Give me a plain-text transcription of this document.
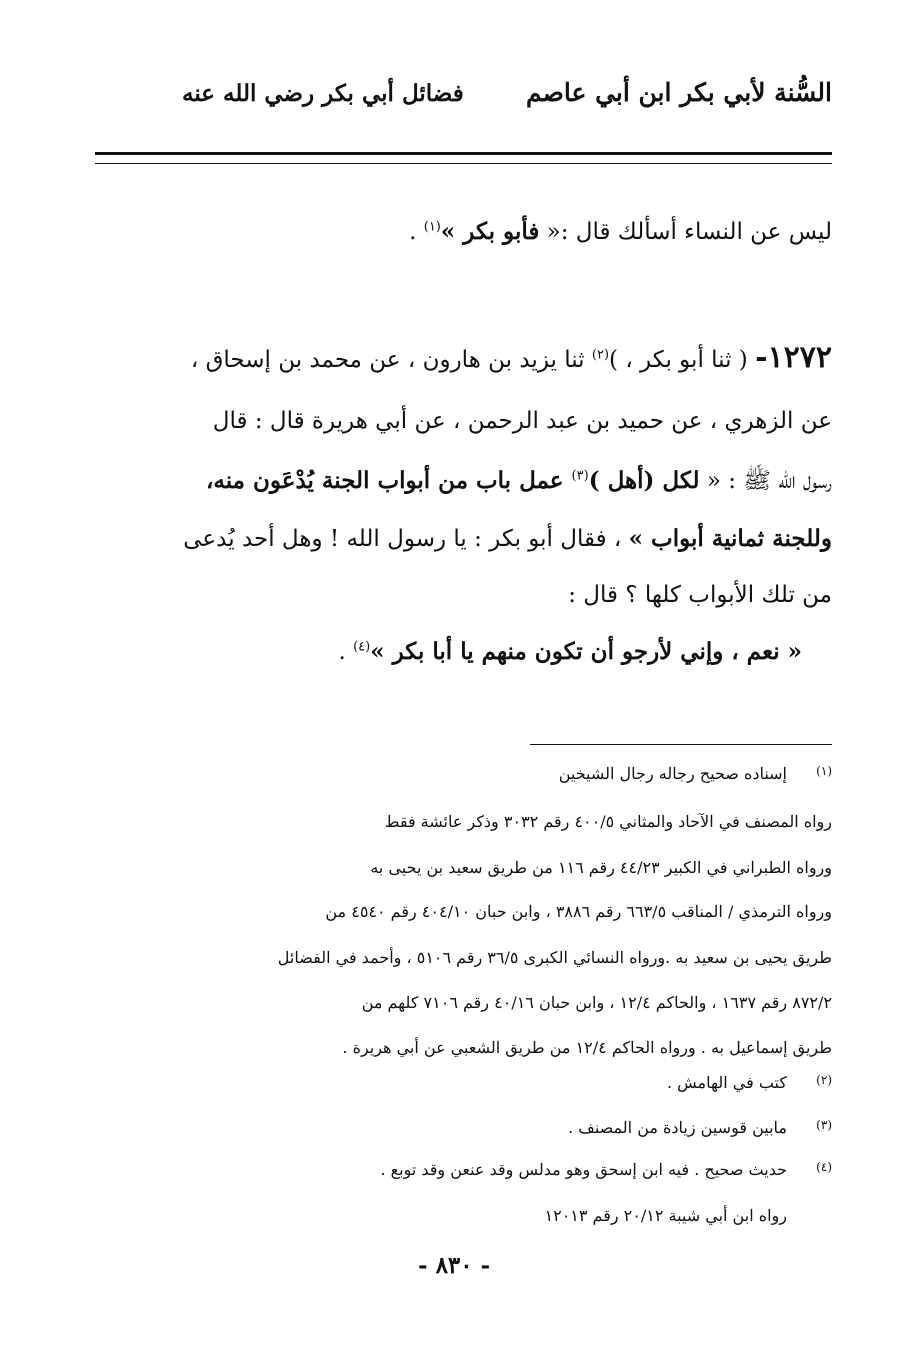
السُّنة لأبي بكر ابن أبي عاصم
فضائل أبي بكر رضي الله عنه
ليس عن النساء أسألك قال :« فأبو بكر »$^{(١)}$ .
١٢٧٢- ( ثنا أبو بكر ، )$^{(٢)}$ ثنا يزيد بن هارون ، عن محمد بن إسحاق ،
عن الزهري ، عن حميد بن عبد الرحمن ، عن أبي هريرة قال : قال
رسول الله ﷺ : « لكل (أهل )$^{(٣)}$ عمل باب من أبواب الجنة يُدْعَون منه،
وللجنة ثمانية أبواب » ، فقال أبو بكر : يا رسول الله ! وهل أحد يُدعى
من تلك الأبواب كلها ؟ قال :
« نعم ، وإني لأرجو أن تكون منهم يا أبا بكر »$^{(٤)}$ .
(١)
إسناده صحيح رجاله رجال الشيخين
رواه المصنف في الآحاد والمثاني ٤٠٠/٥ رقم ٣٠٣٢ وذكر عائشة فقط
ورواه الطبراني في الكبير ٤٤/٢٣ رقم ١١٦ من طريق سعيد بن يحيى به
ورواه الترمذي / المناقب ٦٦٣/٥ رقم ٣٨٨٦ ، وابن حبان ٤٠٤/١٠ رقم ٤٥٤٠ من
طريق يحيى بن سعيد به .ورواه النسائي الكبرى ٣٦/٥ رقم ٥١٠٦ ، وأحمد في الفضائل
٨٧٢/٢ رقم ١٦٣٧ ، والحاكم ١٢/٤ ، وابن حبان ٤٠/١٦ رقم ٧١٠٦ كلهم من
طريق إسماعيل به . ورواه الحاكم ١٢/٤ من طريق الشعبي عن أبي هريرة .
(٢)
كتب في الهامش .
(٣)
مابين قوسين زيادة من المصنف .
(٤)
حديث صحيح . فيه ابن إسحق وهو مدلس وقد عنعن وقد توبع .
رواه ابن أبي شيبة ٢٠/١٢ رقم ١٢٠١٣
- ٨٣٠ -
